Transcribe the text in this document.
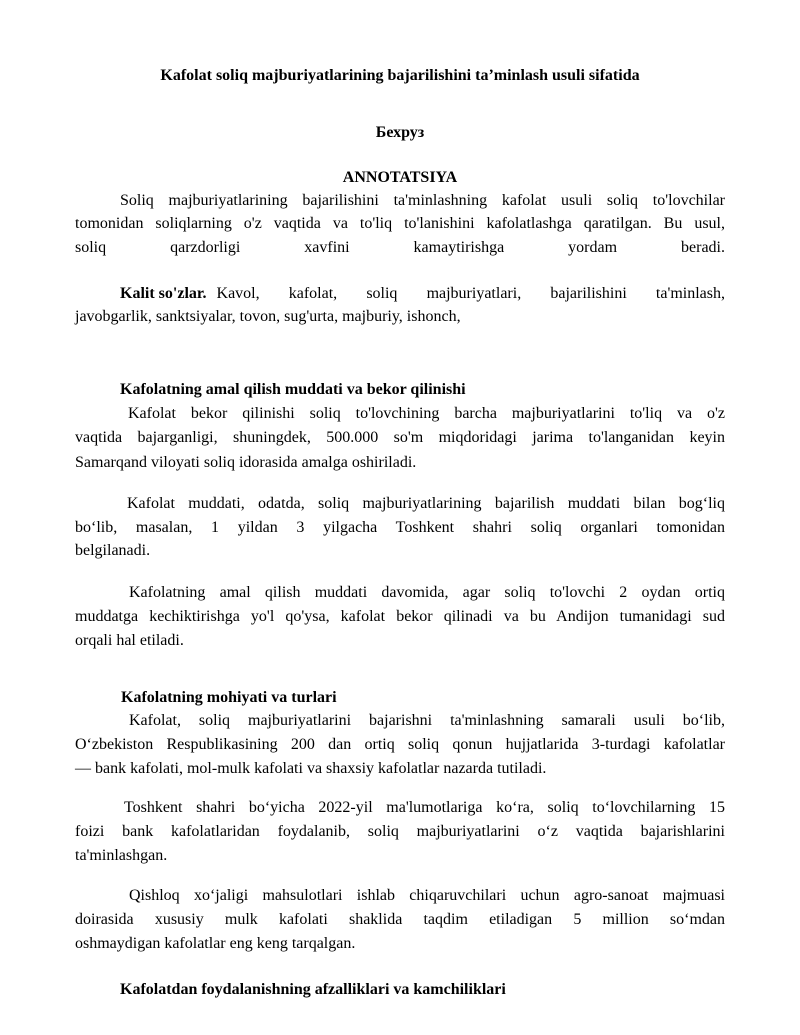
Kafolat soliq majburiyatlarining bajarilishini ta’minlash usuli sifatida
Бехруз
ANNOTATSIYA
Soliq majburiyatlarining bajarilishini ta'minlashning kafolat usuli soliq to'lovchilar
tomonidan soliqlarning o'z vaqtida va to'liq to'lanishini kafolatlashga qaratilgan. Bu usul,
soliq qarzdorligi xavfini kamaytirishga yordam beradi.
Kalit so'zlar. Kavol, kafolat, soliq majburiyatlari, bajarilishini ta'minlash,
javobgarlik, sanktsiyalar, tovon, sug'urta, majburiy, ishonch,
Kafolatning amal qilish muddati va bekor qilinishi
Kafolat bekor qilinishi soliq to'lovchining barcha majburiyatlarini to'liq va o'z
vaqtida bajarganligi, shuningdek, 500.000 so'm miqdoridagi jarima to'langanidan keyin
Samarqand viloyati soliq idorasida amalga oshiriladi.
Kafolat muddati, odatda, soliq majburiyatlarining bajarilish muddati bilan bog‘liq
bo‘lib, masalan, 1 yildan 3 yilgacha Toshkent shahri soliq organlari tomonidan
belgilanadi.
Kafolatning amal qilish muddati davomida, agar soliq to'lovchi 2 oydan ortiq
muddatga kechiktirishga yo'l qo'ysa, kafolat bekor qilinadi va bu Andijon tumanidagi sud
orqali hal etiladi.
Kafolatning mohiyati va turlari
Kafolat, soliq majburiyatlarini bajarishni ta'minlashning samarali usuli bo‘lib,
O‘zbekiston Respublikasining 200 dan ortiq soliq qonun hujjatlarida 3-turdagi kafolatlar
— bank kafolati, mol-mulk kafolati va shaxsiy kafolatlar nazarda tutiladi.
Toshkent shahri bo‘yicha 2022-yil ma'lumotlariga ko‘ra, soliq to‘lovchilarning 15
foizi bank kafolatlaridan foydalanib, soliq majburiyatlarini o‘z vaqtida bajarishlarini
ta'minlashgan.
Qishloq xo‘jaligi mahsulotlari ishlab chiqaruvchilari uchun agro-sanoat majmuasi
doirasida xususiy mulk kafolati shaklida taqdim etiladigan 5 million so‘mdan
oshmaydigan kafolatlar eng keng tarqalgan.
Kafolatdan foydalanishning afzalliklari va kamchiliklari
